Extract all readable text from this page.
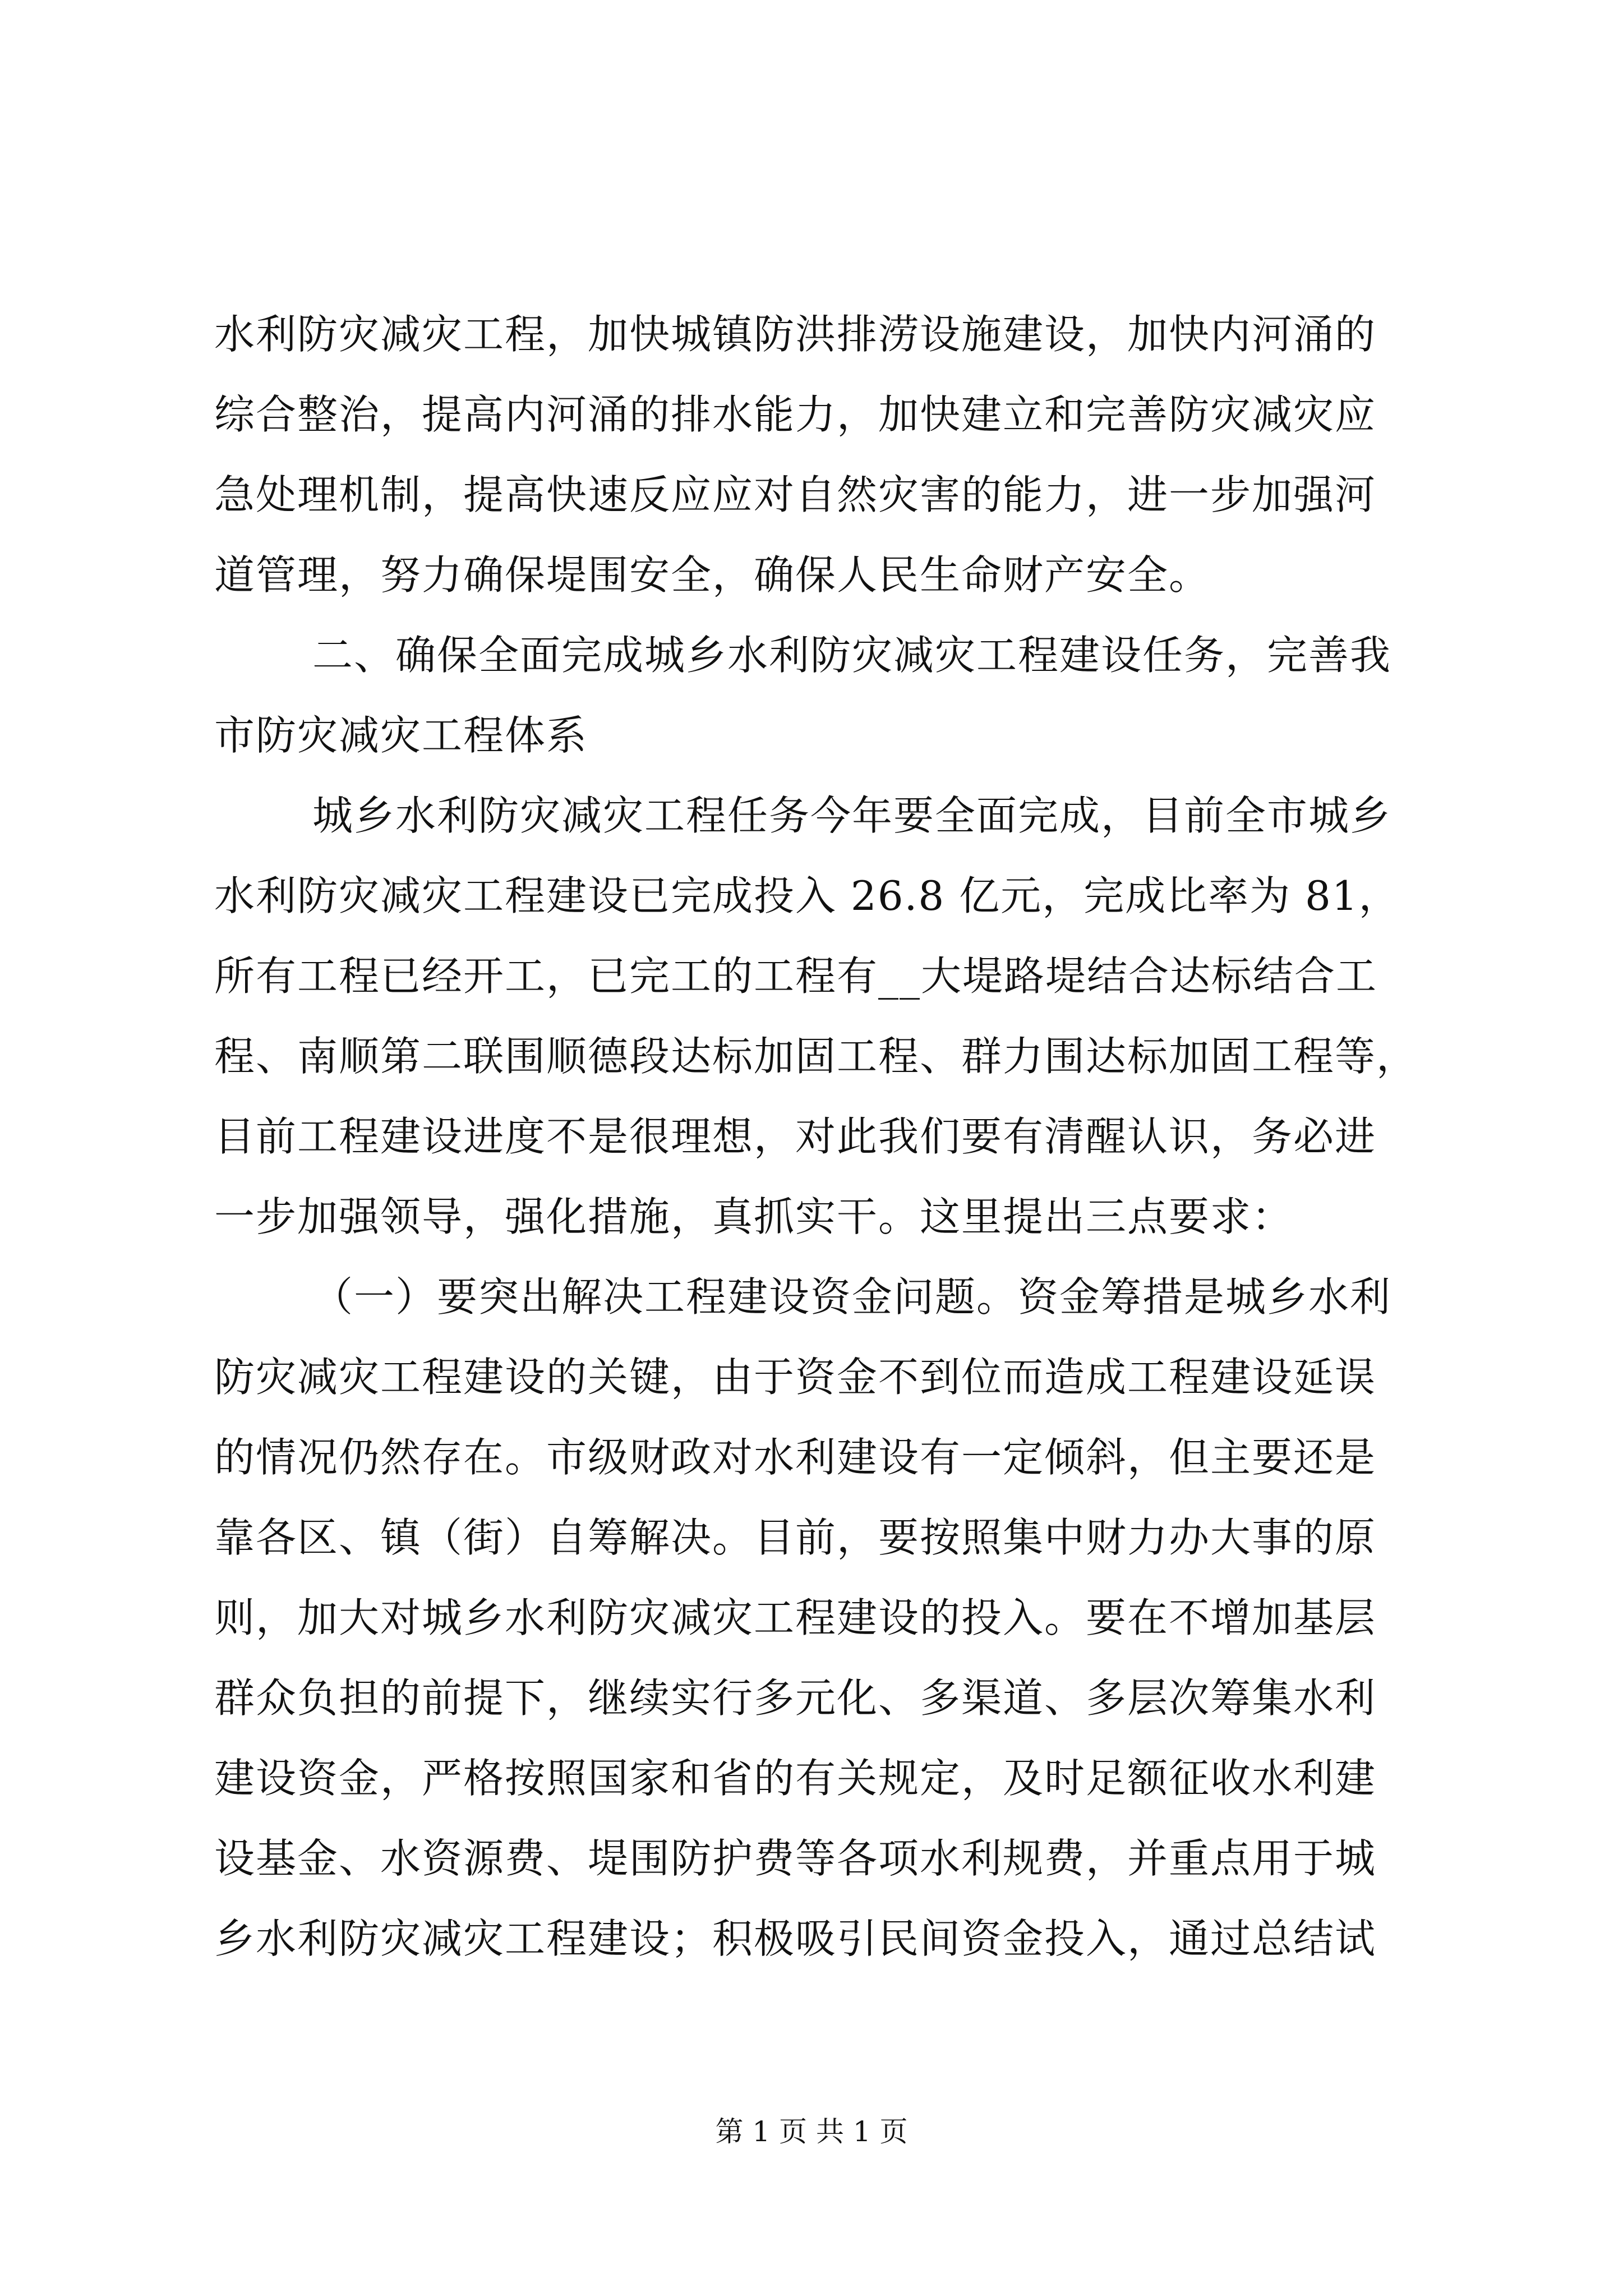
水利防灾减灾工程，加快城镇防洪排涝设施建设，加快内河涌的
综合整治，提高内河涌的排水能力，加快建立和完善防灾减灾应
急处理机制，提高快速反应应对自然灾害的能力，进一步加强河
道管理，努力确保堤围安全，确保人民生命财产安全。
二、确保全面完成城乡水利防灾减灾工程建设任务，完善我
市防灾减灾工程体系
城乡水利防灾减灾工程任务今年要全面完成，目前全市城乡
水利防灾减灾工程建设已完成投入 26.8 亿元，完成比率为 81，
所有工程已经开工，已完工的工程有__大堤路堤结合达标结合工
程、南顺第二联围顺德段达标加固工程、群力围达标加固工程等，
目前工程建设进度不是很理想，对此我们要有清醒认识，务必进
一步加强领导，强化措施，真抓实干。这里提出三点要求：
（一）要突出解决工程建设资金问题。资金筹措是城乡水利
防灾减灾工程建设的关键，由于资金不到位而造成工程建设延误
的情况仍然存在。市级财政对水利建设有一定倾斜，但主要还是
靠各区、镇（街）自筹解决。目前，要按照集中财力办大事的原
则，加大对城乡水利防灾减灾工程建设的投入。要在不增加基层
群众负担的前提下，继续实行多元化、多渠道、多层次筹集水利
建设资金，严格按照国家和省的有关规定，及时足额征收水利建
设基金、水资源费、堤围防护费等各项水利规费，并重点用于城
乡水利防灾减灾工程建设；积极吸引民间资金投入，通过总结试
第 1 页 共 1 页
